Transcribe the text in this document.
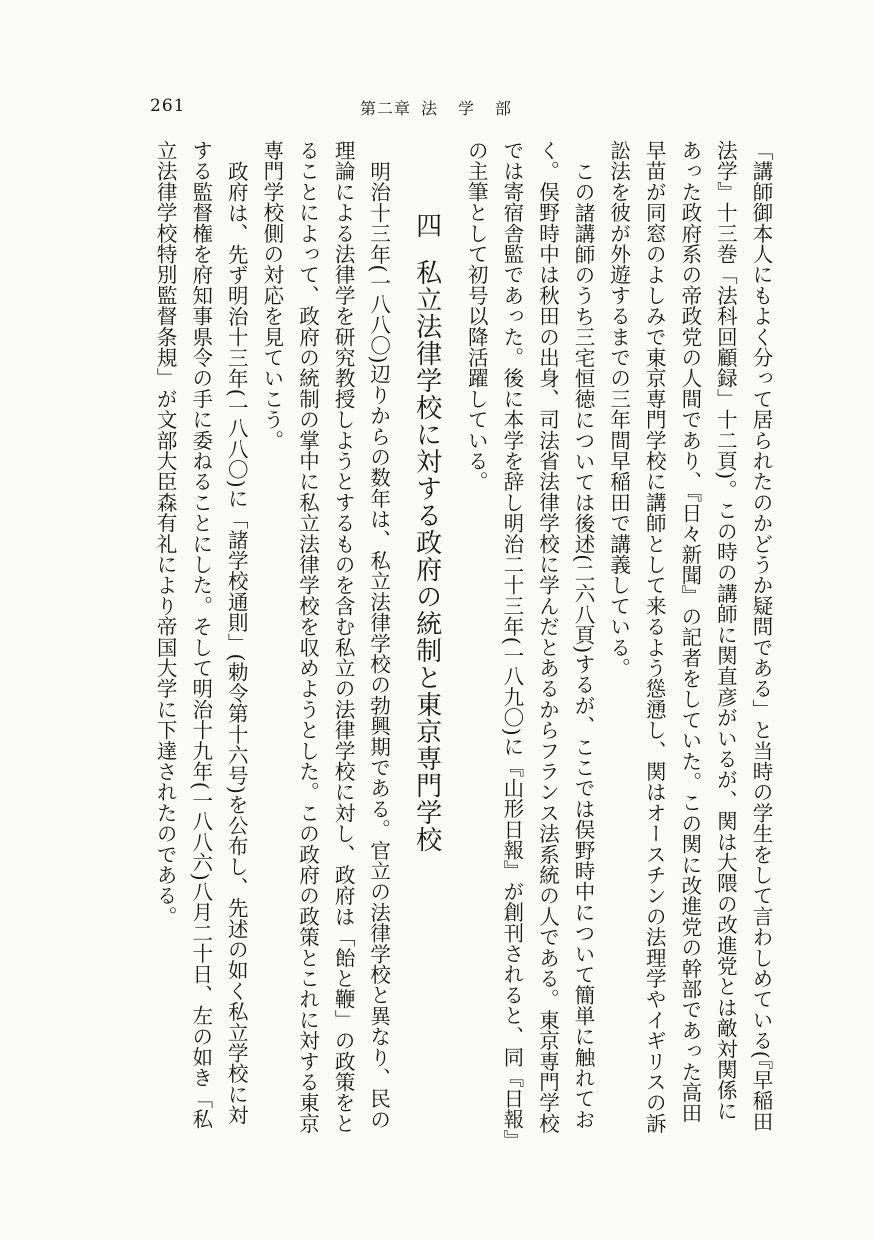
261	第二章 法 学 部

「講師御本人にもよく分って居られたのかどうか疑問である」と当時の学生をして言わしめている(『早稲田法学』十三巻「法科回顧録」十二頁)。この時の講師に関直彦がいるが、関は大隈の改進党とは敵対関係にあった政府系の帝政党の人間であり、『日々新聞』の記者をしていた。この関に改進党の幹部であった高田早苗が同窓のよしみで東京専門学校に講師として来るよう慫慂し、関はオースチンの法理学やイギリスの訴訟法を彼が外遊するまでの三年間早稲田で講義している。

この諸講師のうち三宅恒徳については後述(二六八頁)するが、ここでは俣野時中について簡単に触れておく。俣野時中は秋田の出身、司法省法律学校に学んだとあるからフランス法系統の人である。東京専門学校では寄宿舎監であった。後に本学を辞し明治二十三年(一八九〇)に『山形日報』が創刊されると、同『日報』の主筆として初号以降活躍している。

四私立法律学校に対する政府の統制と東京専門学校

明治十三年(一八八〇)辺りからの数年は、私立法律学校の勃興期である。官立の法律学校と異なり、民の理論による法律学を研究教授しようとするものを含む私立の法律学校に対し、政府は「飴と鞭」の政策をとることによって、政府の統制の掌中に私立法律学校を収めようとした。この政府の政策とこれに対する東京専門学校側の対応を見ていこう。

政府は、先ず明治十三年(一八八〇)に「諸学校通則」(勅令第十六号)を公布し、先述の如く私立学校に対する監督権を府知事県令の手に委ねることにした。そして明治十九年(一八八六)八月二十日、左の如き「私立法律学校特別監督条規」が文部大臣森有礼により帝国大学に下達されたのである。
